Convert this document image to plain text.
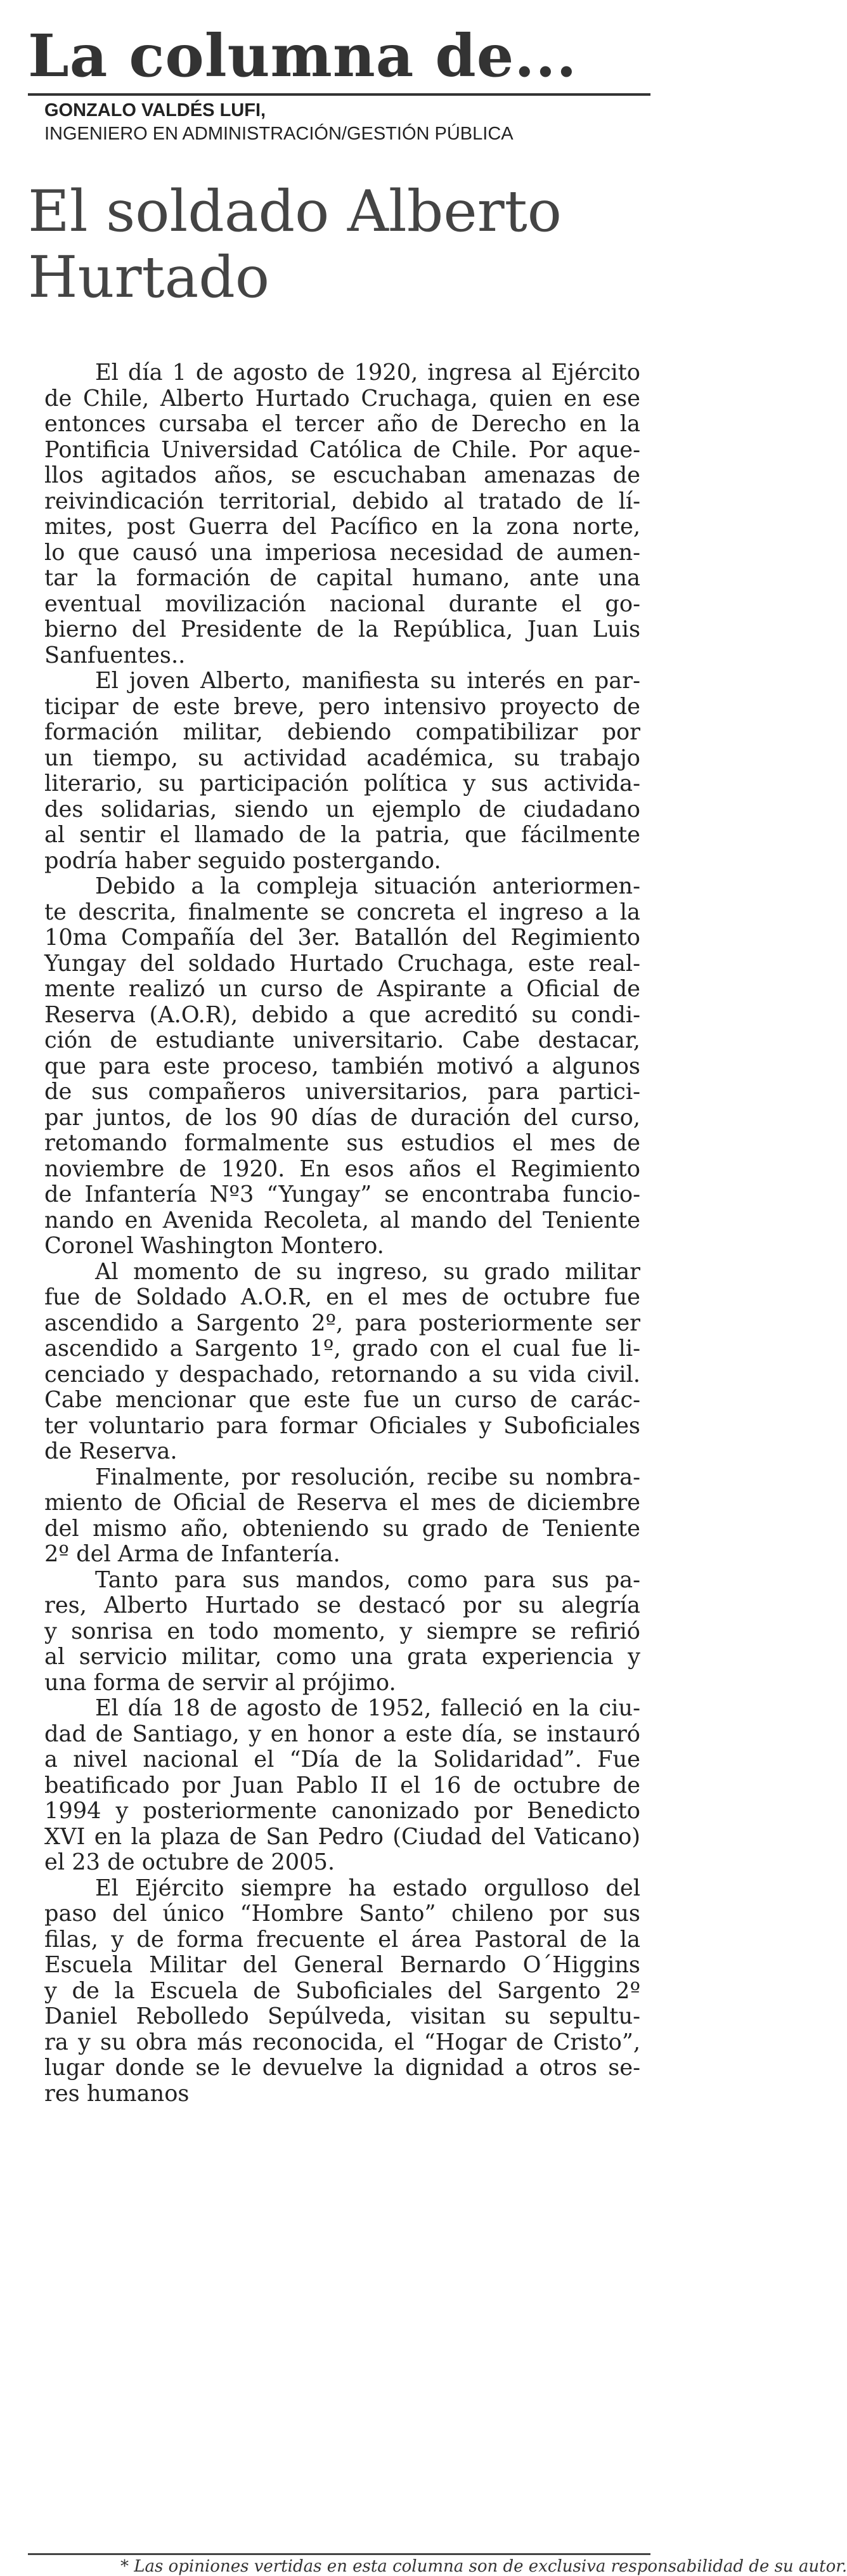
La columna de...
GONZALO VALDÉS LUFI,
INGENIERO EN ADMINISTRACIÓN/GESTIÓN PÚBLICA
El soldado Alberto
Hurtado
El día 1 de agosto de 1920, ingresa al Ejército
de Chile, Alberto Hurtado Cruchaga, quien en ese
entonces cursaba el tercer año de Derecho en la
Pontificia Universidad Católica de Chile. Por aque-
llos agitados años, se escuchaban amenazas de
reivindicación territorial, debido al tratado de lí-
mites, post Guerra del Pacífico en la zona norte,
lo que causó una imperiosa necesidad de aumen-
tar la formación de capital humano, ante una
eventual movilización nacional durante el go-
bierno del Presidente de la República, Juan Luis
Sanfuentes..
El joven Alberto, manifiesta su interés en par-
ticipar de este breve, pero intensivo proyecto de
formación militar, debiendo compatibilizar por
un tiempo, su actividad académica, su trabajo
literario, su participación política y sus activida-
des solidarias, siendo un ejemplo de ciudadano
al sentir el llamado de la patria, que fácilmente
podría haber seguido postergando.
Debido a la compleja situación anteriormen-
te descrita, finalmente se concreta el ingreso a la
10ma Compañía del 3er. Batallón del Regimiento
Yungay del soldado Hurtado Cruchaga, este real-
mente realizó un curso de Aspirante a Oficial de
Reserva (A.O.R), debido a que acreditó su condi-
ción de estudiante universitario. Cabe destacar,
que para este proceso, también motivó a algunos
de sus compañeros universitarios, para partici-
par juntos, de los 90 días de duración del curso,
retomando formalmente sus estudios el mes de
noviembre de 1920. En esos años el Regimiento
de Infantería Nº3 “Yungay” se encontraba funcio-
nando en Avenida Recoleta, al mando del Teniente
Coronel Washington Montero.
Al momento de su ingreso, su grado militar
fue de Soldado A.O.R, en el mes de octubre fue
ascendido a Sargento 2º, para posteriormente ser
ascendido a Sargento 1º, grado con el cual fue li-
cenciado y despachado, retornando a su vida civil.
Cabe mencionar que este fue un curso de carác-
ter voluntario para formar Oficiales y Suboficiales
de Reserva.
Finalmente, por resolución, recibe su nombra-
miento de Oficial de Reserva el mes de diciembre
del mismo año, obteniendo su grado de Teniente
2º del Arma de Infantería.
Tanto para sus mandos, como para sus pa-
res, Alberto Hurtado se destacó por su alegría
y sonrisa en todo momento, y siempre se refirió
al servicio militar, como una grata experiencia y
una forma de servir al prójimo.
El día 18 de agosto de 1952, falleció en la ciu-
dad de Santiago, y en honor a este día, se instauró
a nivel nacional el “Día de la Solidaridad”. Fue
beatificado por Juan Pablo II el 16 de octubre de
1994 y posteriormente canonizado por Benedicto
XVI en la plaza de San Pedro (Ciudad del Vaticano)
el 23 de octubre de 2005.
El Ejército siempre ha estado orgulloso del
paso del único “Hombre Santo” chileno por sus
filas, y de forma frecuente el área Pastoral de la
Escuela Militar del General Bernardo O´Higgins
y de la Escuela de Suboficiales del Sargento 2º
Daniel Rebolledo Sepúlveda, visitan su sepultu-
ra y su obra más reconocida, el “Hogar de Cristo”,
lugar donde se le devuelve la dignidad a otros se-
res humanos
* Las opiniones vertidas en esta columna son de exclusiva responsabilidad de su autor.
